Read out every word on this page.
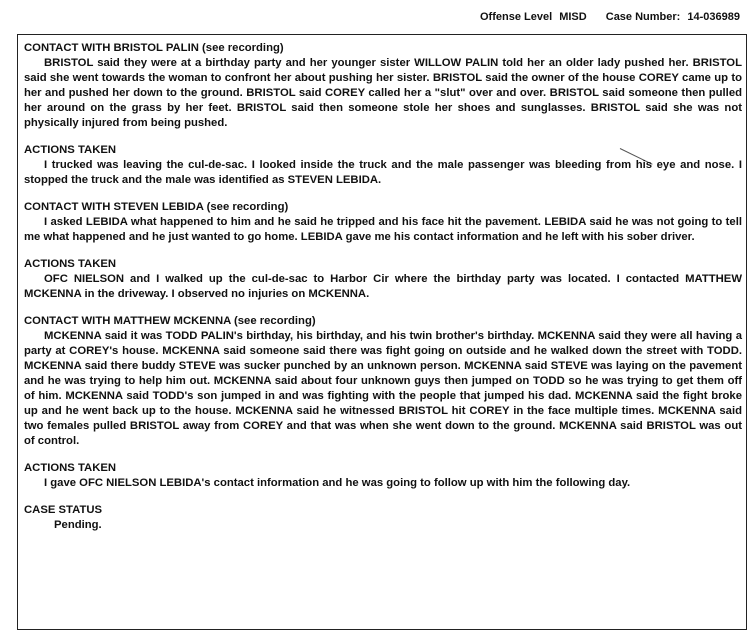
Offense Level MISD Case Number: 14-036989
CONTACT WITH BRISTOL PALIN (see recording)
BRISTOL said they were at a birthday party and her younger sister WILLOW PALIN told her an older lady pushed her. BRISTOL said she went towards the woman to confront her about pushing her sister. BRISTOL said the owner of the house COREY came up to her and pushed her down to the ground. BRISTOL said COREY called her a "slut" over and over. BRISTOL said someone then pulled her around on the grass by her feet. BRISTOL said then someone stole her shoes and sunglasses. BRISTOL said she was not physically injured from being pushed.
ACTIONS TAKEN
I trucked was leaving the cul-de-sac. I looked inside the truck and the male passenger was bleeding from his eye and nose. I stopped the truck and the male was identified as STEVEN LEBIDA.
CONTACT WITH STEVEN LEBIDA (see recording)
I asked LEBIDA what happened to him and he said he tripped and his face hit the pavement. LEBIDA said he was not going to tell me what happened and he just wanted to go home. LEBIDA gave me his contact information and he left with his sober driver.
ACTIONS TAKEN
OFC NIELSON and I walked up the cul-de-sac to Harbor Cir where the birthday party was located. I contacted MATTHEW MCKENNA in the driveway. I observed no injuries on MCKENNA.
CONTACT WITH MATTHEW MCKENNA (see recording)
MCKENNA said it was TODD PALIN's birthday, his birthday, and his twin brother's birthday. MCKENNA said they were all having a party at COREY's house. MCKENNA said someone said there was fight going on outside and he walked down the street with TODD. MCKENNA said there buddy STEVE was sucker punched by an unknown person. MCKENNA said STEVE was laying on the pavement and he was trying to help him out. MCKENNA said about four unknown guys then jumped on TODD so he was trying to get them off of him. MCKENNA said TODD's son jumped in and was fighting with the people that jumped his dad. MCKENNA said the fight broke up and he went back up to the house. MCKENNA said he witnessed BRISTOL hit COREY in the face multiple times. MCKENNA said two females pulled BRISTOL away from COREY and that was when she went down to the ground. MCKENNA said BRISTOL was out of control.
ACTIONS TAKEN
I gave OFC NIELSON LEBIDA's contact information and he was going to follow up with him the following day.
CASE STATUS
Pending.
